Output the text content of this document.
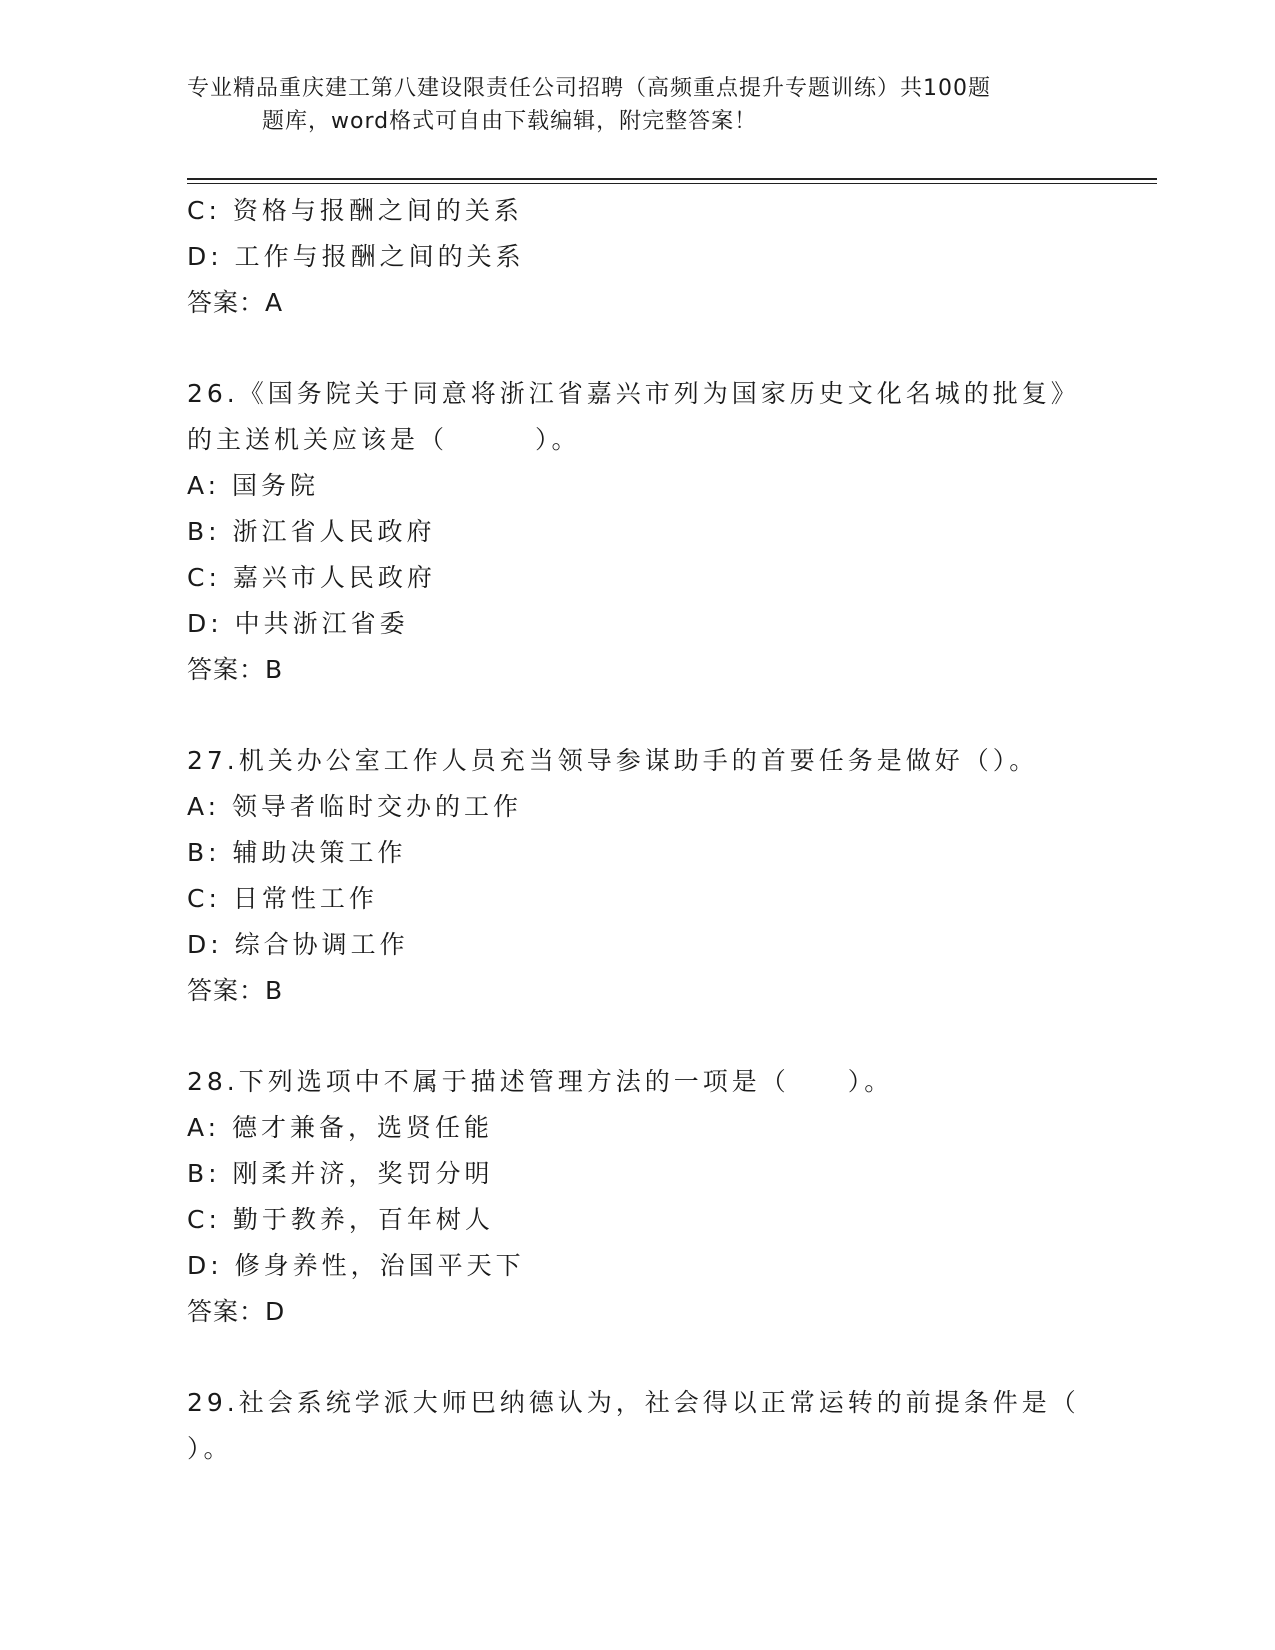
专业精品重庆建工第八建设限责任公司招聘（高频重点提升专题训练）共100题
题库，word格式可自由下载编辑，附完整答案！
C: 资格与报酬之间的关系
D: 工作与报酬之间的关系
答案：A
26.《国务院关于同意将浙江省嘉兴市列为国家历史文化名城的批复》
的主送机关应该是（　　　）。
A: 国务院
B: 浙江省人民政府
C: 嘉兴市人民政府
D: 中共浙江省委
答案：B
27.机关办公室工作人员充当领导参谋助手的首要任务是做好（）。
A: 领导者临时交办的工作
B: 辅助决策工作
C: 日常性工作
D: 综合协调工作
答案：B
28.下列选项中不属于描述管理方法的一项是（　　）。
A: 德才兼备，选贤任能
B: 刚柔并济，奖罚分明
C: 勤于教养，百年树人
D: 修身养性，治国平天下
答案：D
29.社会系统学派大师巴纳德认为，社会得以正常运转的前提条件是（
）。
